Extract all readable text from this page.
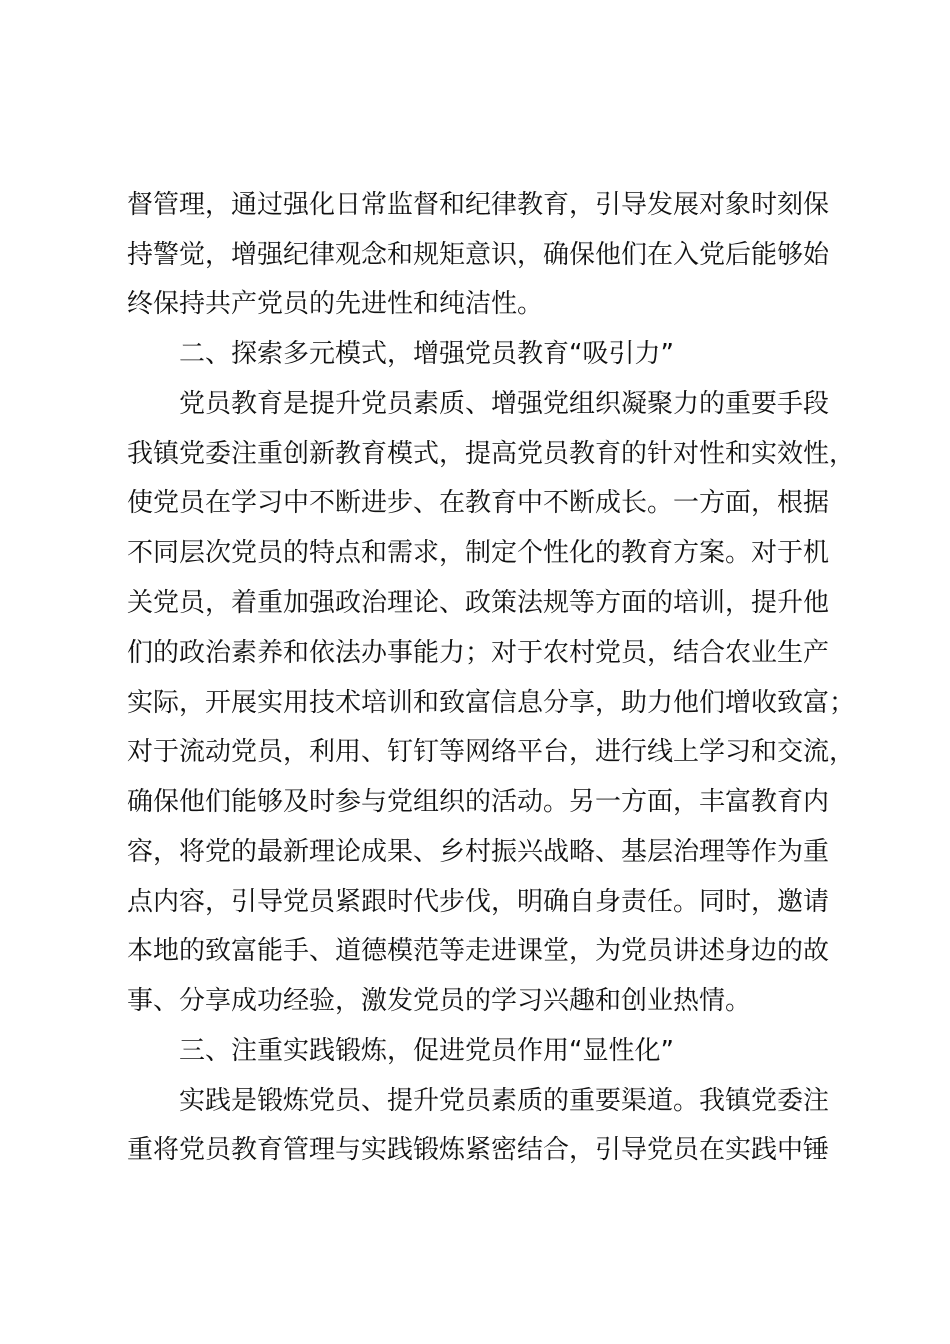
督管理，通过强化日常监督和纪律教育，引导发展对象时刻保

持警觉，增强纪律观念和规矩意识，确保他们在入党后能够始

终保持共产党员的先进性和纯洁性。

二、探索多元模式，增强党员教育“吸引力”

党员教育是提升党员素质、增强党组织凝聚力的重要手段

我镇党委注重创新教育模式，提高党员教育的针对性和实效性，

使党员在学习中不断进步、在教育中不断成长。一方面，根据

不同层次党员的特点和需求，制定个性化的教育方案。对于机

关党员，着重加强政治理论、政策法规等方面的培训，提升他

们的政治素养和依法办事能力；对于农村党员，结合农业生产

实际，开展实用技术培训和致富信息分享，助力他们增收致富；

对于流动党员，利用、钉钉等网络平台，进行线上学习和交流，

确保他们能够及时参与党组织的活动。另一方面，丰富教育内

容，将党的最新理论成果、乡村振兴战略、基层治理等作为重

点内容，引导党员紧跟时代步伐，明确自身责任。同时，邀请

本地的致富能手、道德模范等走进课堂，为党员讲述身边的故

事、分享成功经验，激发党员的学习兴趣和创业热情。

三、注重实践锻炼，促进党员作用“显性化”

实践是锻炼党员、提升党员素质的重要渠道。我镇党委注

重将党员教育管理与实践锻炼紧密结合，引导党员在实践中锤
